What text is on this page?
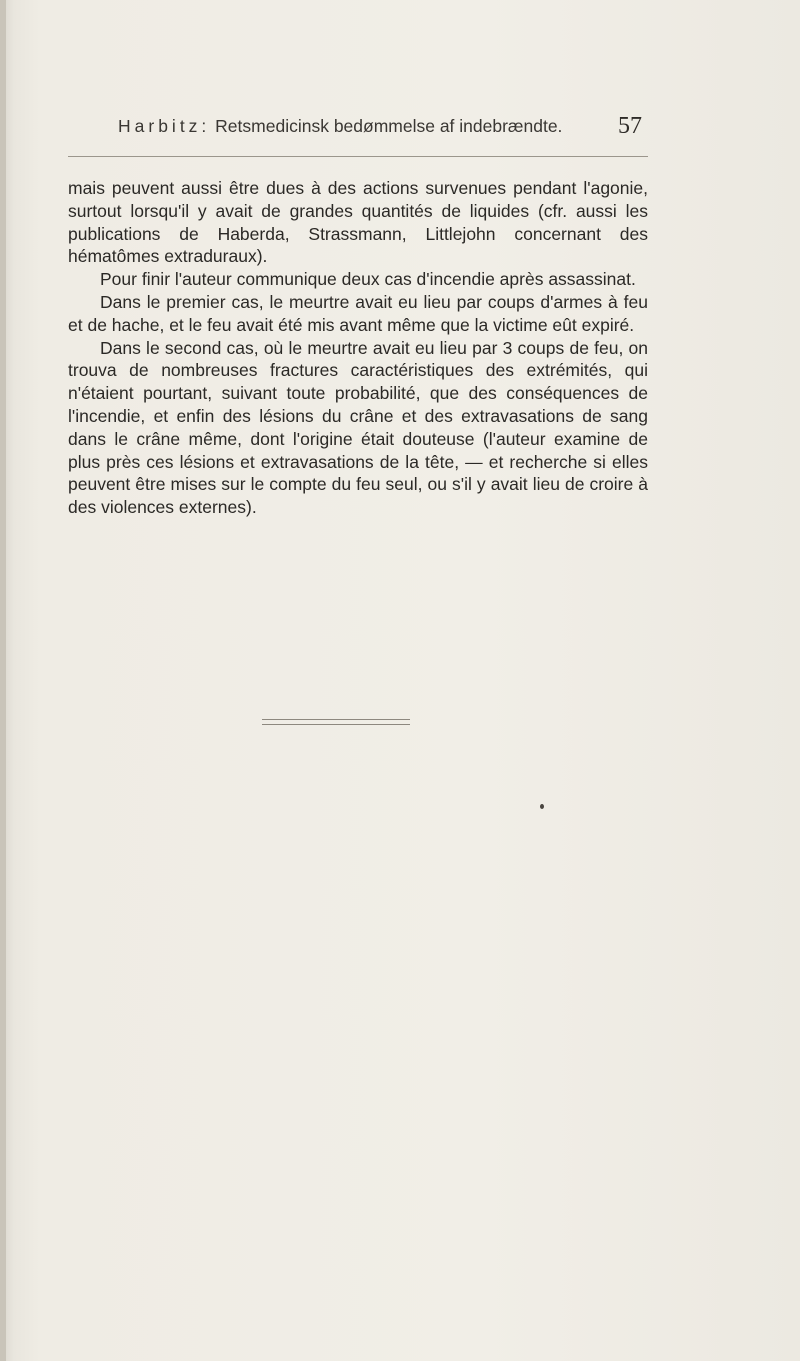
Harbitz: Retsmedicinsk bedømmelse af indebrændte. 57

mais peuvent aussi être dues à des actions survenues pendant l'agonie, surtout lorsqu'il y avait de grandes quantités de liquides (cfr. aussi les publications de Haberda, Strassmann, Littlejohn concernant des hématômes extraduraux).

Pour finir l'auteur communique deux cas d'incendie après assassinat.

Dans le premier cas, le meurtre avait eu lieu par coups d'armes à feu et de hache, et le feu avait été mis avant même que la victime eût expiré.

Dans le second cas, où le meurtre avait eu lieu par 3 coups de feu, on trouva de nombreuses fractures caractéristiques des extrémités, qui n'étaient pourtant, suivant toute probabilité, que des conséquences de l'incendie, et enfin des lésions du crâne et des extravasations de sang dans le crâne même, dont l'origine était douteuse (l'auteur examine de plus près ces lésions et extravasations de la tête, — et recherche si elles peuvent être mises sur le compte du feu seul, ou s'il y avait lieu de croire à des violences externes).
